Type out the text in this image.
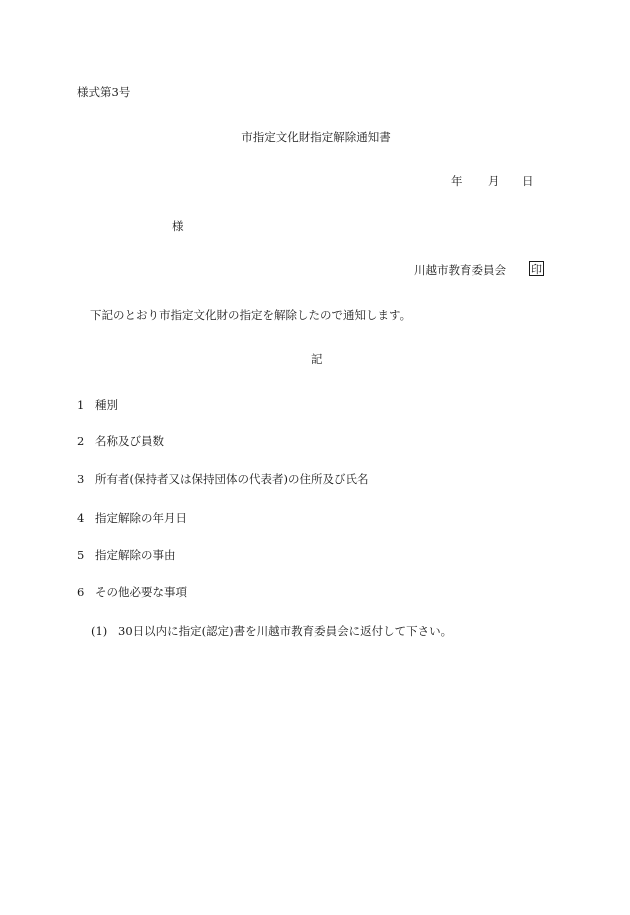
様式第3号
市指定文化財指定解除通知書
年 月 日
様
川越市教育委員会 印
下記のとおり市指定文化財の指定を解除したので通知します。
記
1 種別
2 名称及び員数
3 所有者(保持者又は保持団体の代表者)の住所及び氏名
4 指定解除の年月日
5 指定解除の事由
6 その他必要な事項
(1) 30日以内に指定(認定)書を川越市教育委員会に返付して下さい。
